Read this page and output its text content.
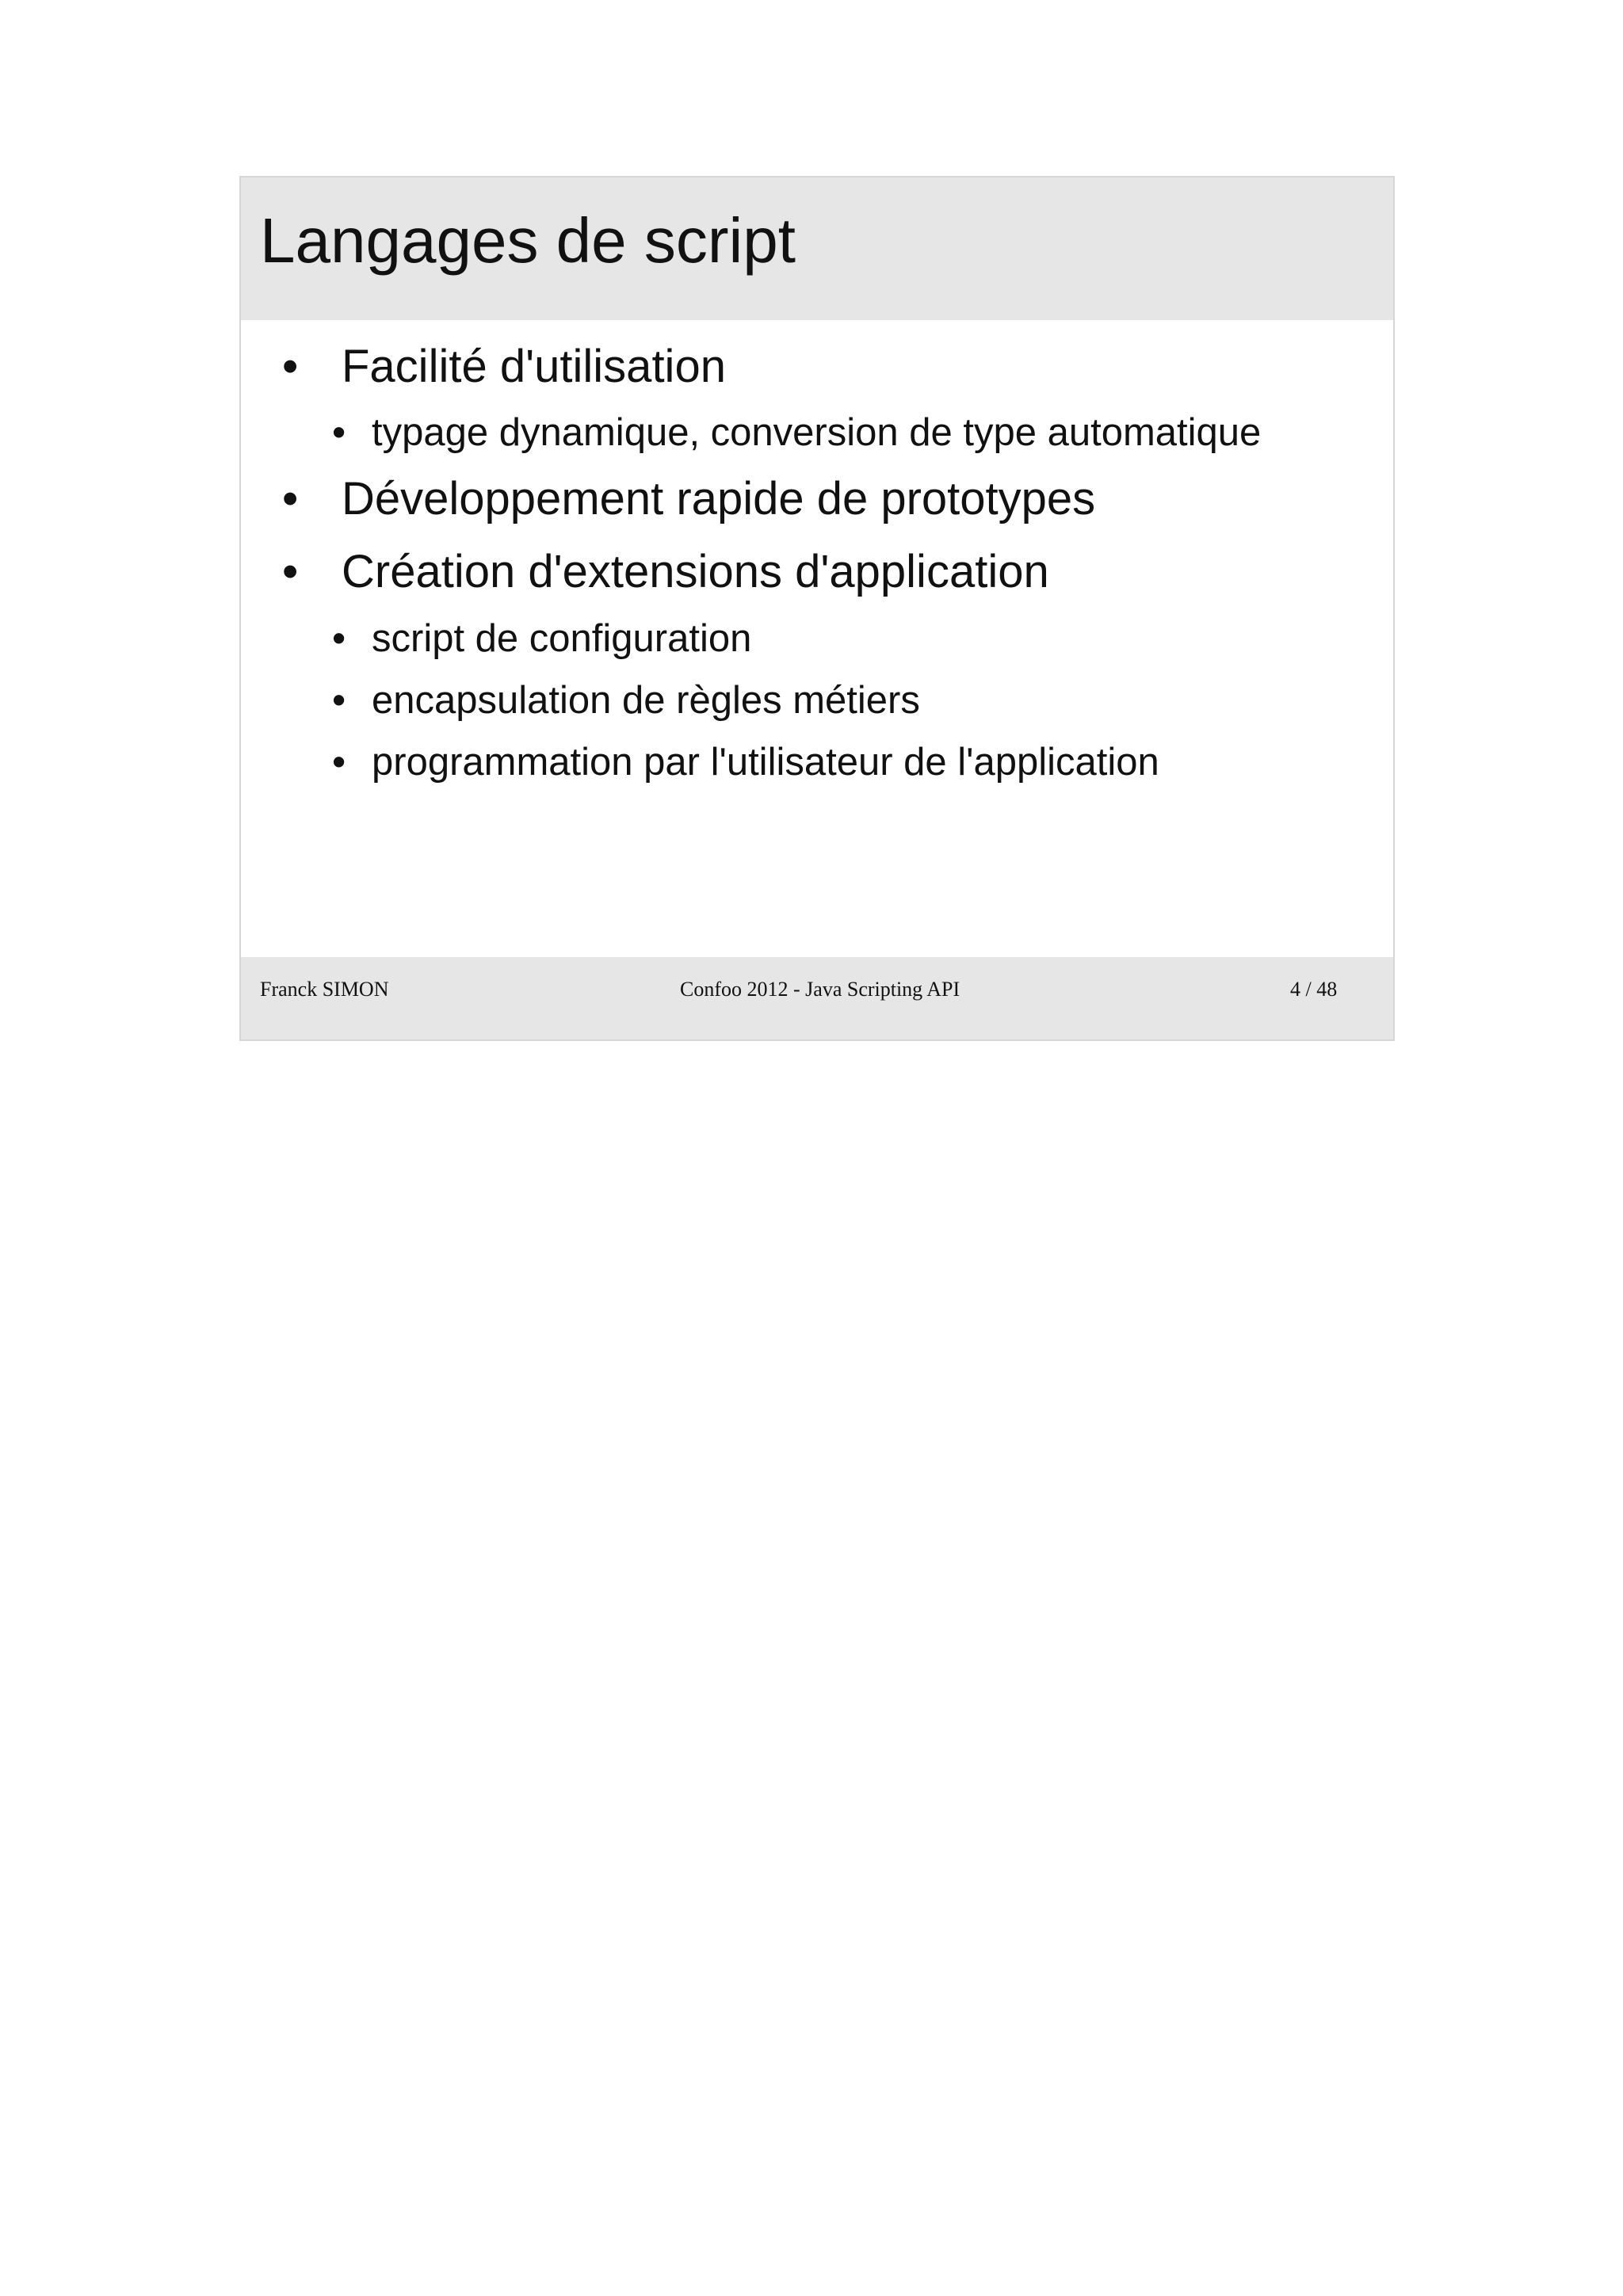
Langages de script
• Facilité d'utilisation
• typage dynamique, conversion de type automatique
• Développement rapide de prototypes
• Création d'extensions d'application
• script de configuration
• encapsulation de règles métiers
• programmation par l'utilisateur de l'application
Franck SIMON	Confoo 2012 - Java Scripting API	4 / 48
